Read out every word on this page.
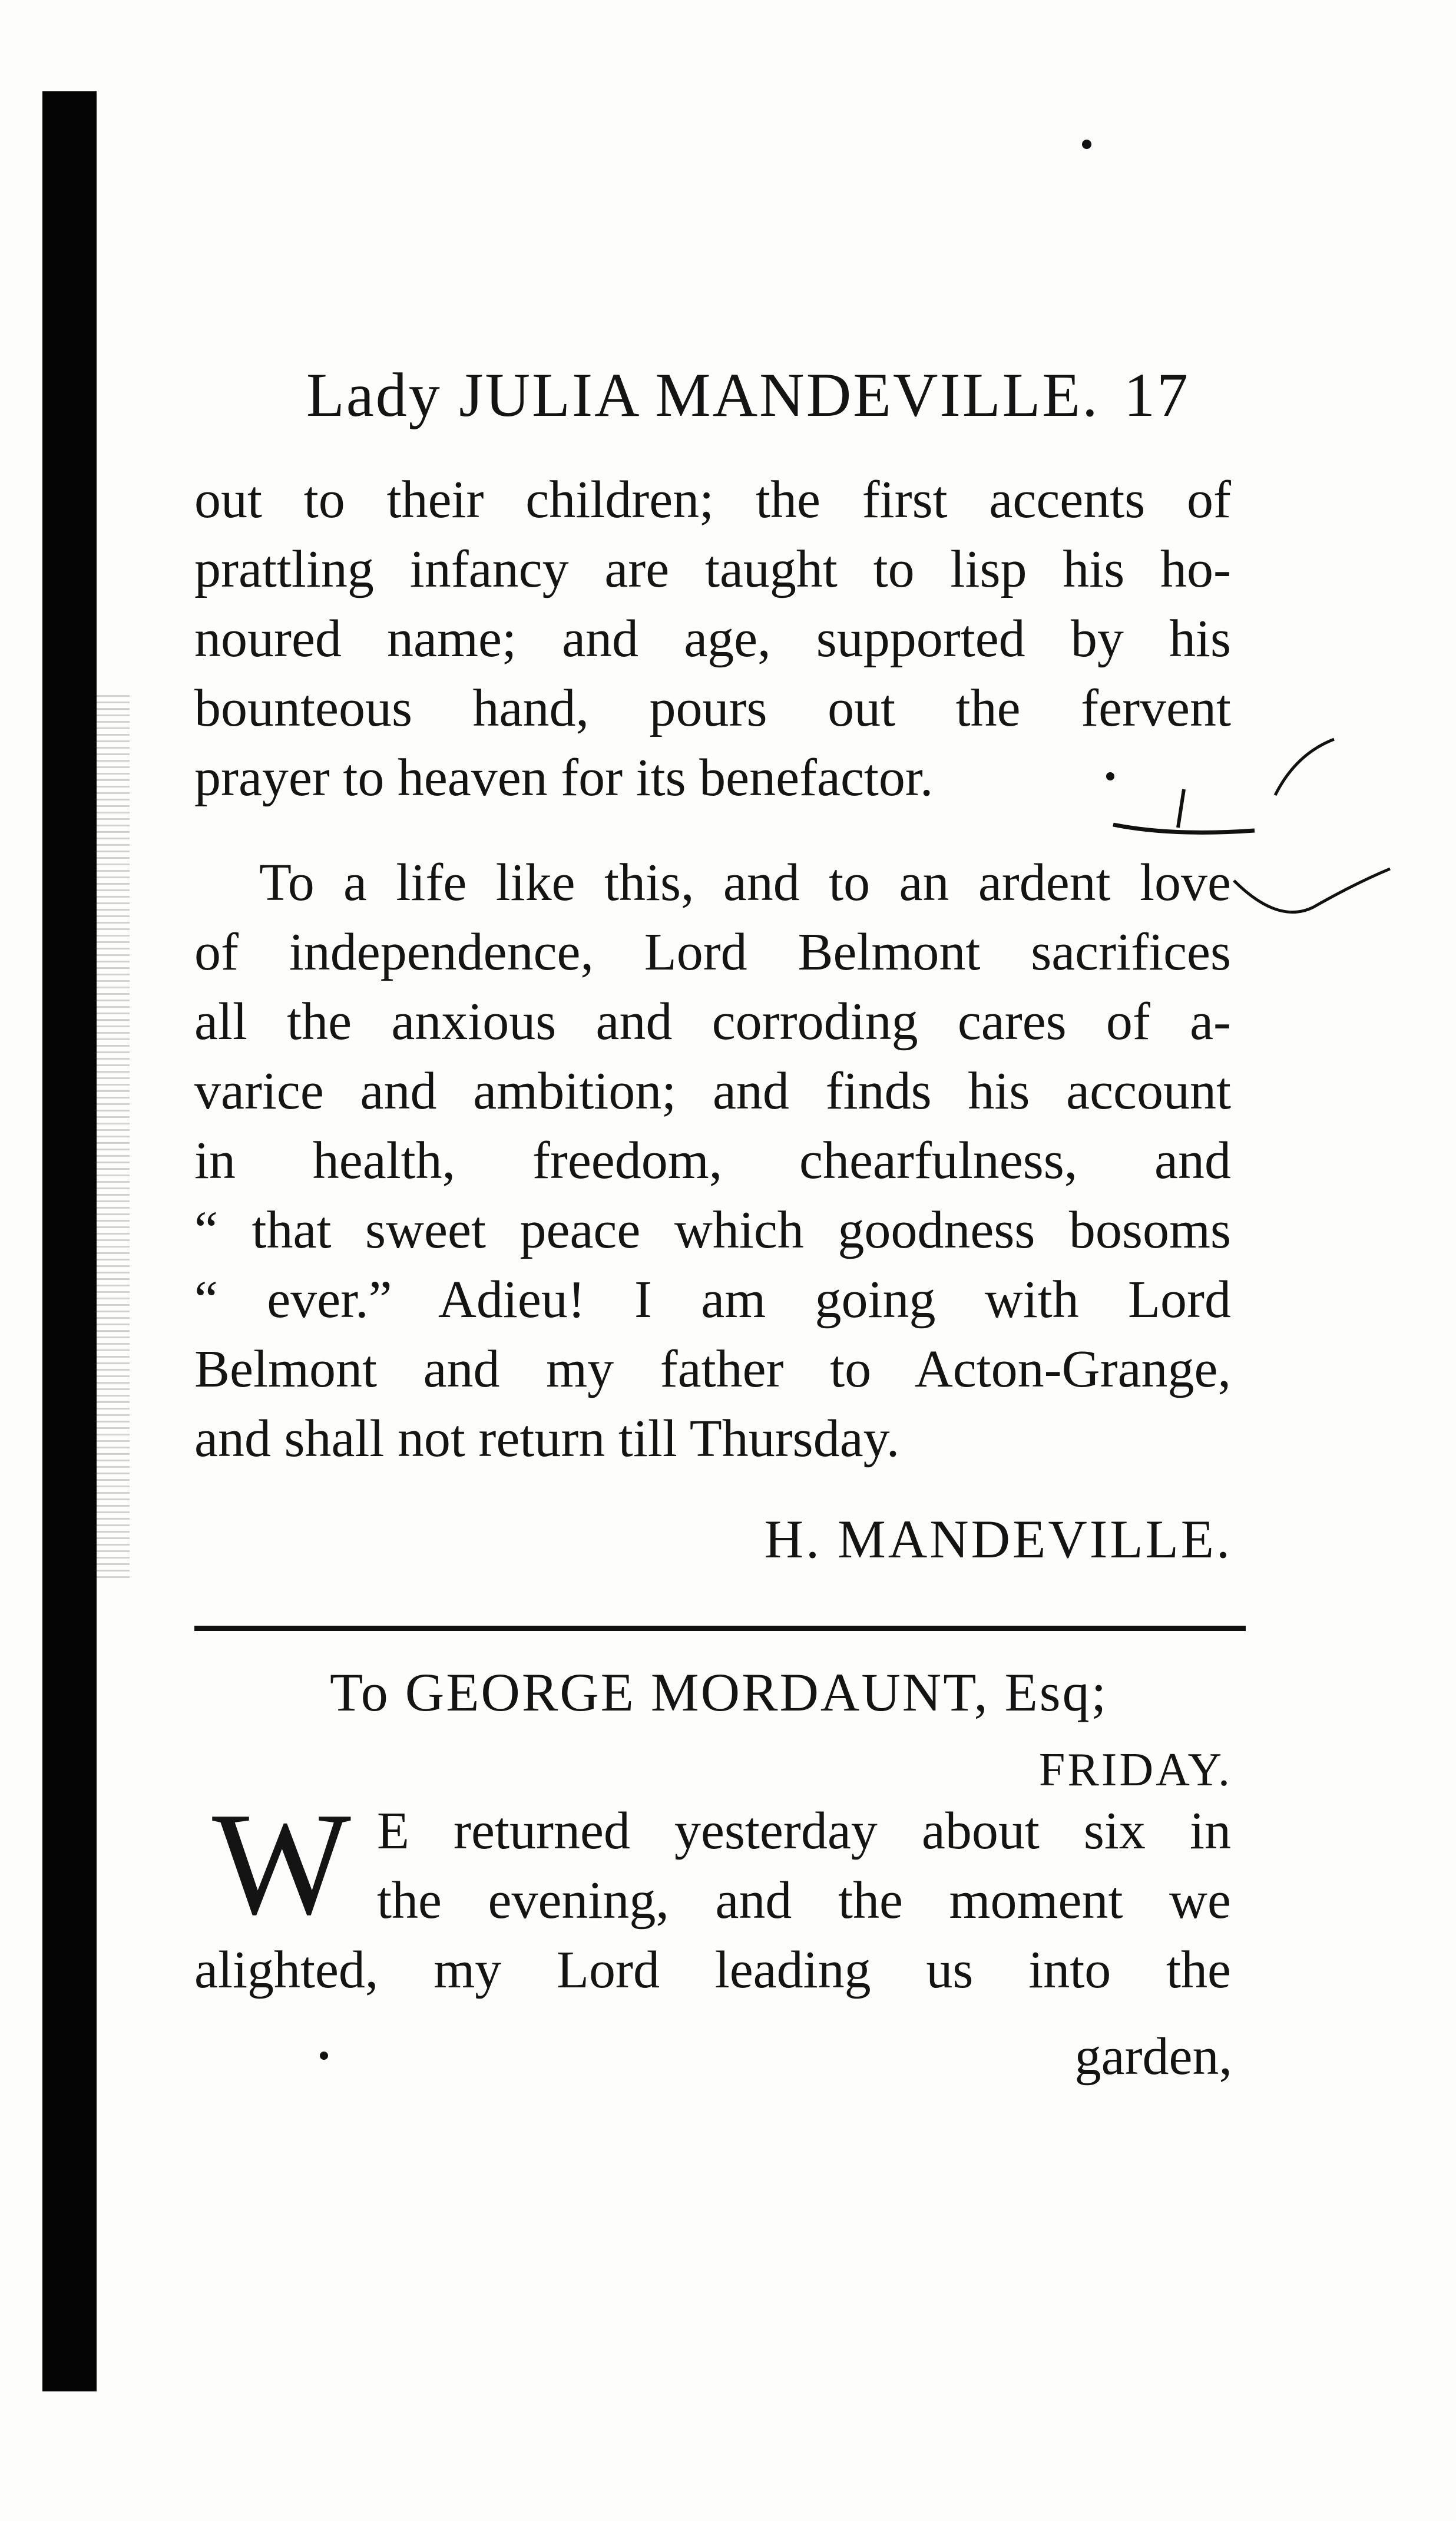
Lady JULIA MANDEVILLE. 17
out to their children; the first accents of
prattling infancy are taught to lisp his ho-
noured name; and age, supported by his
bounteous hand, pours out the fervent
prayer to heaven for its benefactor.
To a life like this, and to an ardent love
of independence, Lord Belmont sacrifices
all the anxious and corroding cares of a-
varice and ambition; and finds his account
in health, freedom, chearfulness, and
“ that sweet peace which goodness bosoms
“ ever.” Adieu! I am going with Lord
Belmont and my father to Acton-Grange,
and shall not return till Thursday.
H. MANDEVILLE.
To GEORGE MORDAUNT, Esq;
FRIDAY.
W E returned yesterday about six in
the evening, and the moment we
alighted, my Lord leading us into the
garden,
